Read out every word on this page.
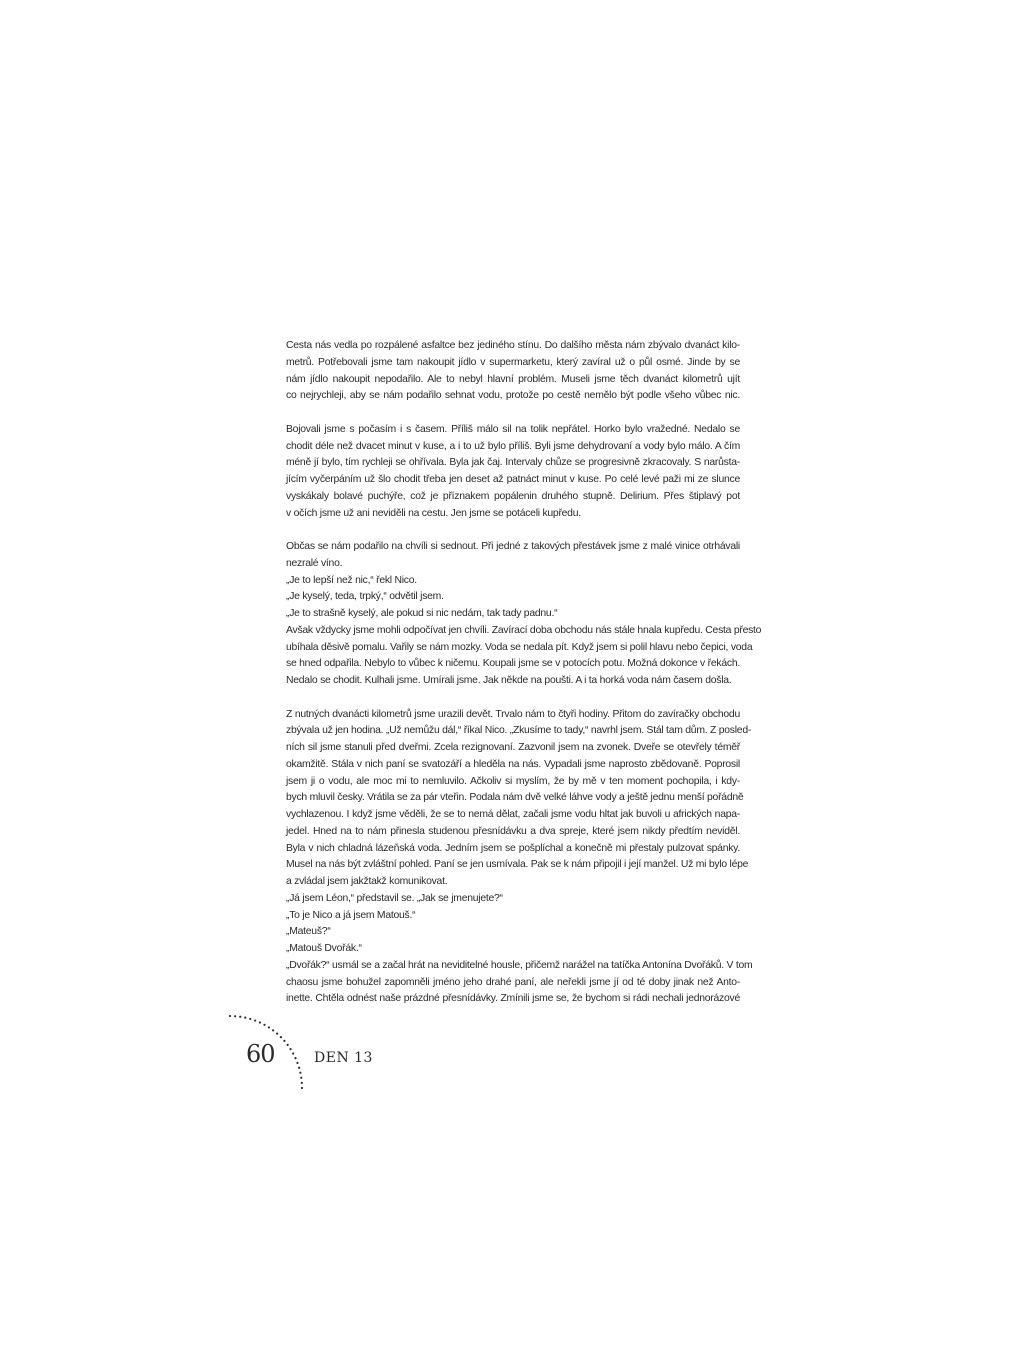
Cesta nás vedla po rozpálené asfaltce bez jediného stínu. Do dalšího města nám zbývalo dvanáct kilo-
metrů. Potřebovali jsme tam nakoupit jídlo v supermarketu, který zavíral už o půl osmé. Jinde by se
nám jídlo nakoupit nepodařilo. Ale to nebyl hlavní problém. Museli jsme těch dvanáct kilometrů ujít
co nejrychleji, aby se nám podařilo sehnat vodu, protože po cestě nemělo být podle všeho vůbec nic.
Bojovali jsme s počasím i s časem. Příliš málo sil na tolik nepřátel. Horko bylo vražedné. Nedalo se
chodit déle než dvacet minut v kuse, a i to už bylo příliš. Byli jsme dehydrovaní a vody bylo málo. A čím
méně jí bylo, tím rychleji se ohřívala. Byla jak čaj. Intervaly chůze se progresivně zkracovaly. S narůsta-
jícím vyčerpáním už šlo chodit třeba jen deset až patnáct minut v kuse. Po celé levé paži mi ze slunce
vyskákaly bolavé puchýře, což je příznakem popálenin druhého stupně. Delirium. Přes štiplavý pot
v očích jsme už ani neviděli na cestu. Jen jsme se potáceli kupředu.
Občas se nám podařilo na chvíli si sednout. Při jedné z takových přestávek jsme z malé vinice otrhávali
nezralé víno.
„Je to lepší než nic,“ řekl Nico.
„Je kyselý, teda, trpký,“ odvětil jsem.
„Je to strašně kyselý, ale pokud si nic nedám, tak tady padnu.“
Avšak vždycky jsme mohli odpočívat jen chvíli. Zavírací doba obchodu nás stále hnala kupředu. Cesta přesto
ubíhala děsivě pomalu. Vařily se nám mozky. Voda se nedala pít. Když jsem si polil hlavu nebo čepici, voda
se hned odpařila. Nebylo to vůbec k ničemu. Koupali jsme se v potocích potu. Možná dokonce v řekách.
Nedalo se chodit. Kulhali jsme. Umírali jsme. Jak někde na poušti. A i ta horká voda nám časem došla.
Z nutných dvanácti kilometrů jsme urazili devět. Trvalo nám to čtyři hodiny. Přitom do zavíračky obchodu
zbývala už jen hodina. „Už nemůžu dál,“ říkal Nico. „Zkusíme to tady,“ navrhl jsem. Stál tam dům. Z posled-
ních sil jsme stanuli před dveřmi. Zcela rezignovaní. Zazvonil jsem na zvonek. Dveře se otevřely téměř
okamžitě. Stála v nich paní se svatozáří a hleděla na nás. Vypadali jsme naprosto zbědovaně. Poprosil
jsem ji o vodu, ale moc mi to nemluvilo. Ačkoliv si myslím, že by mě v ten moment pochopila, i kdy-
bych mluvil česky. Vrátila se za pár vteřin. Podala nám dvě velké láhve vody a ještě jednu menší pořádně
vychlazenou. I když jsme věděli, že se to nemá dělat, začali jsme vodu hltat jak buvoli u afrických napa-
jedel. Hned na to nám přinesla studenou přesnídávku a dva spreje, které jsem nikdy předtím neviděl.
Byla v nich chladná lázeňská voda. Jedním jsem se pošplíchal a konečně mi přestaly pulzovat spánky.
Musel na nás být zvláštní pohled. Paní se jen usmívala. Pak se k nám připojil i její manžel. Už mi bylo lépe
a zvládal jsem jakžtakž komunikovat.
„Já jsem Léon,“ představil se. „Jak se jmenujete?“
„To je Nico a já jsem Matouš.“
„Mateuš?“
„Matouš Dvořák.“
„Dvořák?“ usmál se a začal hrát na neviditelné housle, přičemž narážel na tatíčka Antonína Dvořáků. V tom
chaosu jsme bohužel zapomněli jméno jeho drahé paní, ale neřekli jsme jí od té doby jinak než Anto-
inette. Chtěla odnést naše prázdné přesnídávky. Zmínili jsme se, že bychom si rádi nechali jednorázové
60	DEN 13
